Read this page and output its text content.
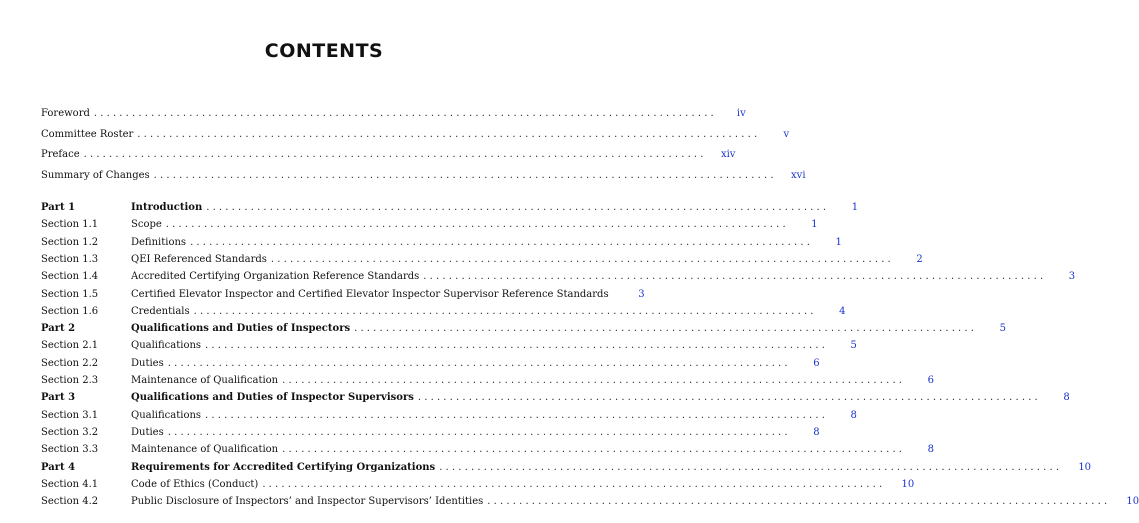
CONTENTS
Foreword . . .	iv
Committee Roster . . .	v
Preface . . .	xiv
Summary of Changes . . .	xvi
Part 1	Introduction . . .	1
Section 1.1	Scope . . .	1
Section 1.2	Definitions . . .	1
Section 1.3	QEI Referenced Standards . . .	2
Section 1.4	Accredited Certifying Organization Reference Standards . . .	3
Section 1.5	Certified Elevator Inspector and Certified Elevator Inspector Supervisor Reference Standards	3
Section 1.6	Credentials . . .	4
Part 2	Qualifications and Duties of Inspectors . . .	5
Section 2.1	Qualifications . . .	5
Section 2.2	Duties . . .	6
Section 2.3	Maintenance of Qualification . . .	6
Part 3	Qualifications and Duties of Inspector Supervisors . . .	8
Section 3.1	Qualifications . . .	8
Section 3.2	Duties . . .	8
Section 3.3	Maintenance of Qualification . . .	8
Part 4	Requirements for Accredited Certifying Organizations . . .	10
Section 4.1	Code of Ethics (Conduct) . . .	10
Section 4.2	Public Disclosure of Inspectors’ and Inspector Supervisors’ Identities . . .	10
